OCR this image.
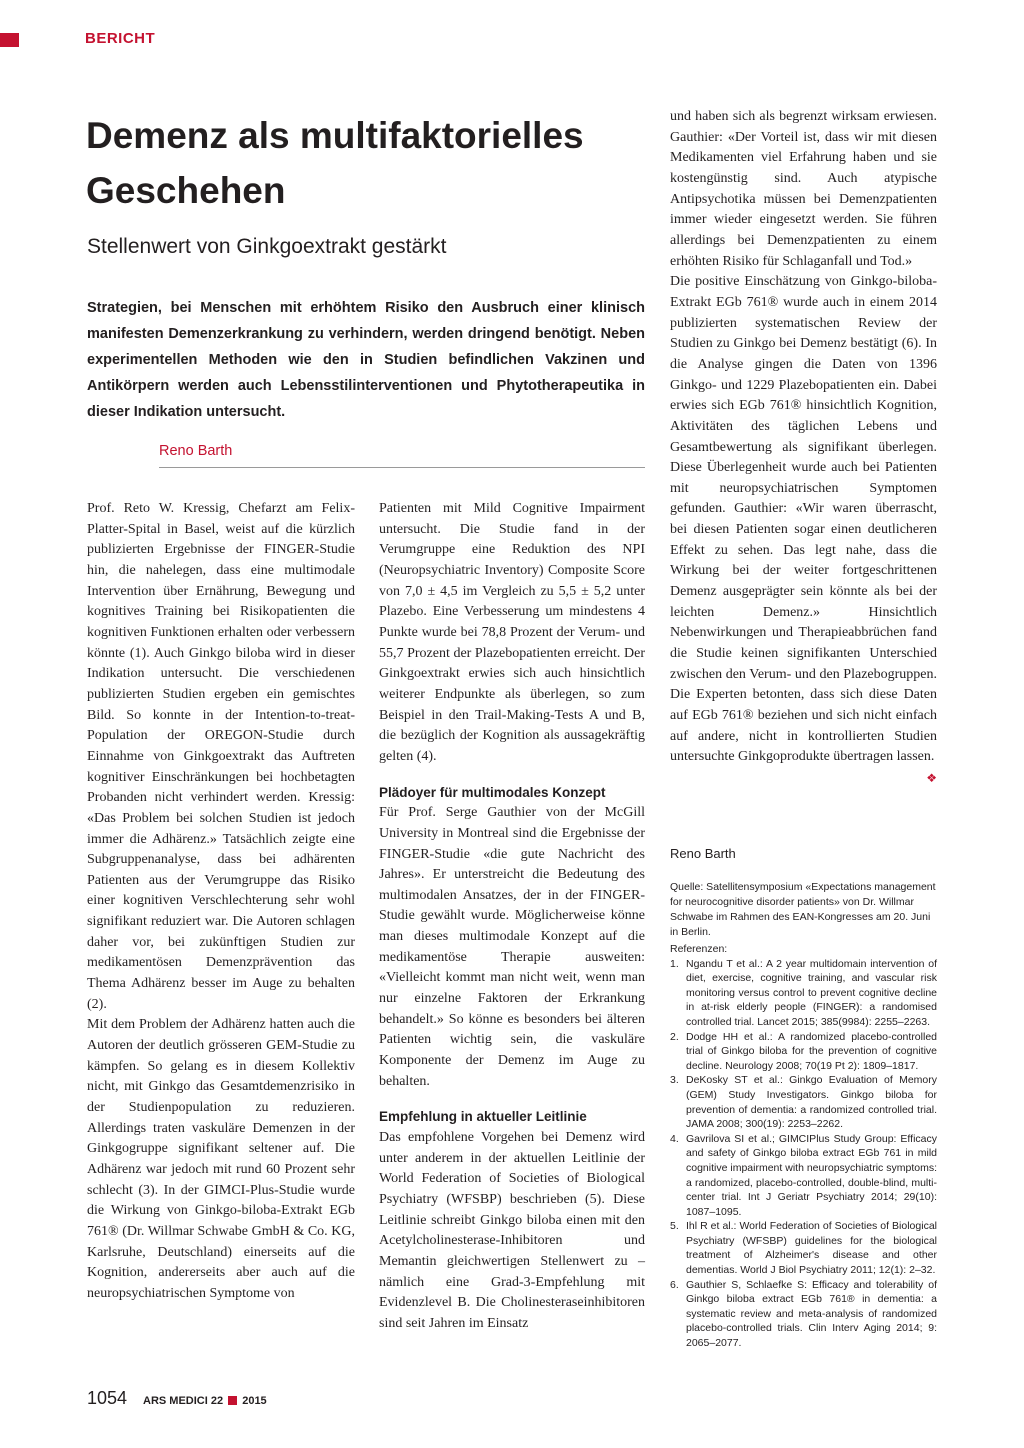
BERICHT
Demenz als multifaktorielles Geschehen
Stellenwert von Ginkgoextrakt gestärkt
Strategien, bei Menschen mit erhöhtem Risiko den Ausbruch einer klinisch manifesten Demenzerkrankung zu verhindern, werden dringend benötigt. Neben experimentellen Methoden wie den in Studien befindlichen Vakzinen und Antikörpern werden auch Lebensstilinterventionen und Phytotherapeutika in dieser Indikation untersucht.
Reno Barth

Prof. Reto W. Kressig, Chefarzt am Felix-Platter-Spital in Basel, weist auf die kürzlich publizierten Ergebnisse der FINGER-Studie hin, die nahelegen, dass eine multimodale Intervention über Ernährung, Bewegung und kognitives Training bei Risikopatienten die kognitiven Funktionen erhalten oder verbessern könnte (1). Auch Ginkgo biloba wird in dieser Indikation untersucht. Die verschiedenen publizierten Studien ergeben ein gemischtes Bild. So konnte in der Intention-to-treat-Population der OREGON-Studie durch Einnahme von Ginkgoextrakt das Auftreten kognitiver Einschränkungen bei hochbetagten Probanden nicht verhindert werden. Kressig: «Das Problem bei solchen Studien ist jedoch immer die Adhärenz.» Tatsächlich zeigte eine Subgruppenanalyse, dass bei adhärenten Patienten aus der Verumgruppe das Risiko einer kognitiven Verschlechterung sehr wohl signifikant reduziert war. Die Autoren schlagen daher vor, bei zukünftigen Studien zur medikamentösen Demenzprävention das Thema Adhärenz besser im Auge zu behalten (2).

Mit dem Problem der Adhärenz hatten auch die Autoren der deutlich grösseren GEM-Studie zu kämpfen. So gelang es in diesem Kollektiv nicht, mit Ginkgo das Gesamtdemenzrisiko in der Studienpopulation zu reduzieren. Allerdings traten vaskuläre Demenzen in der Ginkgogruppe signifikant seltener auf. Die Adhärenz war jedoch mit rund 60 Prozent sehr schlecht (3). In der GIMCI-Plus-Studie wurde die Wirkung von Ginkgo-biloba-Extrakt EGb 761® (Dr. Willmar Schwabe GmbH & Co. KG, Karlsruhe, Deutschland) einerseits auf die Kognition, andererseits aber auch auf die neuropsychiatrischen Symptome von

Patienten mit Mild Cognitive Impairment untersucht. Die Studie fand in der Verumgruppe eine Reduktion des NPI (Neuropsychiatric Inventory) Composite Score von 7,0 ± 4,5 im Vergleich zu 5,5 ± 5,2 unter Plazebo. Eine Verbesserung um mindestens 4 Punkte wurde bei 78,8 Prozent der Verum- und 55,7 Prozent der Plazebopatienten erreicht. Der Ginkgoextrakt erwies sich auch hinsichtlich weiterer Endpunkte als überlegen, so zum Beispiel in den Trail-Making-Tests A und B, die bezüglich der Kognition als aussagekräftig gelten (4).

Plädoyer für multimodales Konzept

Für Prof. Serge Gauthier von der McGill University in Montreal sind die Ergebnisse der FINGER-Studie «die gute Nachricht des Jahres». Er unterstreicht die Bedeutung des multimodalen Ansatzes, der in der FINGER-Studie gewählt wurde. Möglicherweise könne man dieses multimodale Konzept auf die medikamentöse Therapie ausweiten: «Vielleicht kommt man nicht weit, wenn man nur einzelne Faktoren der Erkrankung behandelt.» So könne es besonders bei älteren Patienten wichtig sein, die vaskuläre Komponente der Demenz im Auge zu behalten.

Empfehlung in aktueller Leitlinie

Das empfohlene Vorgehen bei Demenz wird unter anderem in der aktuellen Leitlinie der World Federation of Societies of Biological Psychiatry (WFSBP) beschrieben (5). Diese Leitlinie schreibt Ginkgo biloba einen mit den Acetylcholinesterase-Inhibitoren und Memantin gleichwertigen Stellenwert zu – nämlich eine Grad-3-Empfehlung mit Evidenzlevel B. Die Cholinesteraseinhibitoren sind seit Jahren im Einsatz

und haben sich als begrenzt wirksam erwiesen. Gauthier: «Der Vorteil ist, dass wir mit diesen Medikamenten viel Erfahrung haben und sie kostengünstig sind. Auch atypische Antipsychotika müssen bei Demenzpatienten immer wieder eingesetzt werden. Sie führen allerdings bei Demenzpatienten zu einem erhöhten Risiko für Schlaganfall und Tod.»

Die positive Einschätzung von Ginkgo-biloba-Extrakt EGb 761® wurde auch in einem 2014 publizierten systematischen Review der Studien zu Ginkgo bei Demenz bestätigt (6). In die Analyse gingen die Daten von 1396 Ginkgo- und 1229 Plazebopatienten ein. Dabei erwies sich EGb 761® hinsichtlich Kognition, Aktivitäten des täglichen Lebens und Gesamtbewertung als signifikant überlegen. Diese Überlegenheit wurde auch bei Patienten mit neuropsychiatrischen Symptomen gefunden. Gauthier: «Wir waren überrascht, bei diesen Patienten sogar einen deutlicheren Effekt zu sehen. Das legt nahe, dass die Wirkung bei der weiter fortgeschrittenen Demenz ausgeprägter sein könnte als bei der leichten Demenz.» Hinsichtlich Nebenwirkungen und Therapieabbrüchen fand die Studie keinen signifikanten Unterschied zwischen den Verum- und den Plazebogruppen. Die Experten betonten, dass sich diese Daten auf EGb 761® beziehen und sich nicht einfach auf andere, nicht in kontrollierten Studien untersuchte Ginkgoprodukte übertragen lassen.
❖

Reno Barth
Quelle: Satellitensymposium «Expectations management for neurocognitive disorder patients» von Dr. Willmar Schwabe im Rahmen des EAN-Kongresses am 20. Juni in Berlin.
Referenzen:
1. Ngandu T et al.: A 2 year multidomain intervention of diet, exercise, cognitive training, and vascular risk monitoring versus control to prevent cognitive decline in at-risk elderly people (FINGER): a randomised controlled trial. Lancet 2015; 385(9984): 2255–2263.
2. Dodge HH et al.: A randomized placebo-controlled trial of Ginkgo biloba for the prevention of cognitive decline. Neurology 2008; 70(19 Pt 2): 1809–1817.
3. DeKosky ST et al.: Ginkgo Evaluation of Memory (GEM) Study Investigators. Ginkgo biloba for prevention of dementia: a randomized controlled trial. JAMA 2008; 300(19): 2253–2262.
4. Gavrilova SI et al.; GIMCIPlus Study Group: Efficacy and safety of Ginkgo biloba extract EGb 761 in mild cognitive impairment with neuropsychiatric symptoms: a randomized, placebo-controlled, double-blind, multi-center trial. Int J Geriatr Psychiatry 2014; 29(10): 1087–1095.
5. Ihl R et al.: World Federation of Societies of Biological Psychiatry (WFSBP) guidelines for the biological treatment of Alzheimer's disease and other dementias. World J Biol Psychiatry 2011; 12(1): 2–32.
6. Gauthier S, Schlaefke S: Efficacy and tolerability of Ginkgo biloba extract EGb 761® in dementia: a systematic review and meta-analysis of randomized placebo-controlled trials. Clin Interv Aging 2014; 9: 2065–2077.
1054 ARS MEDICI 22 2015
